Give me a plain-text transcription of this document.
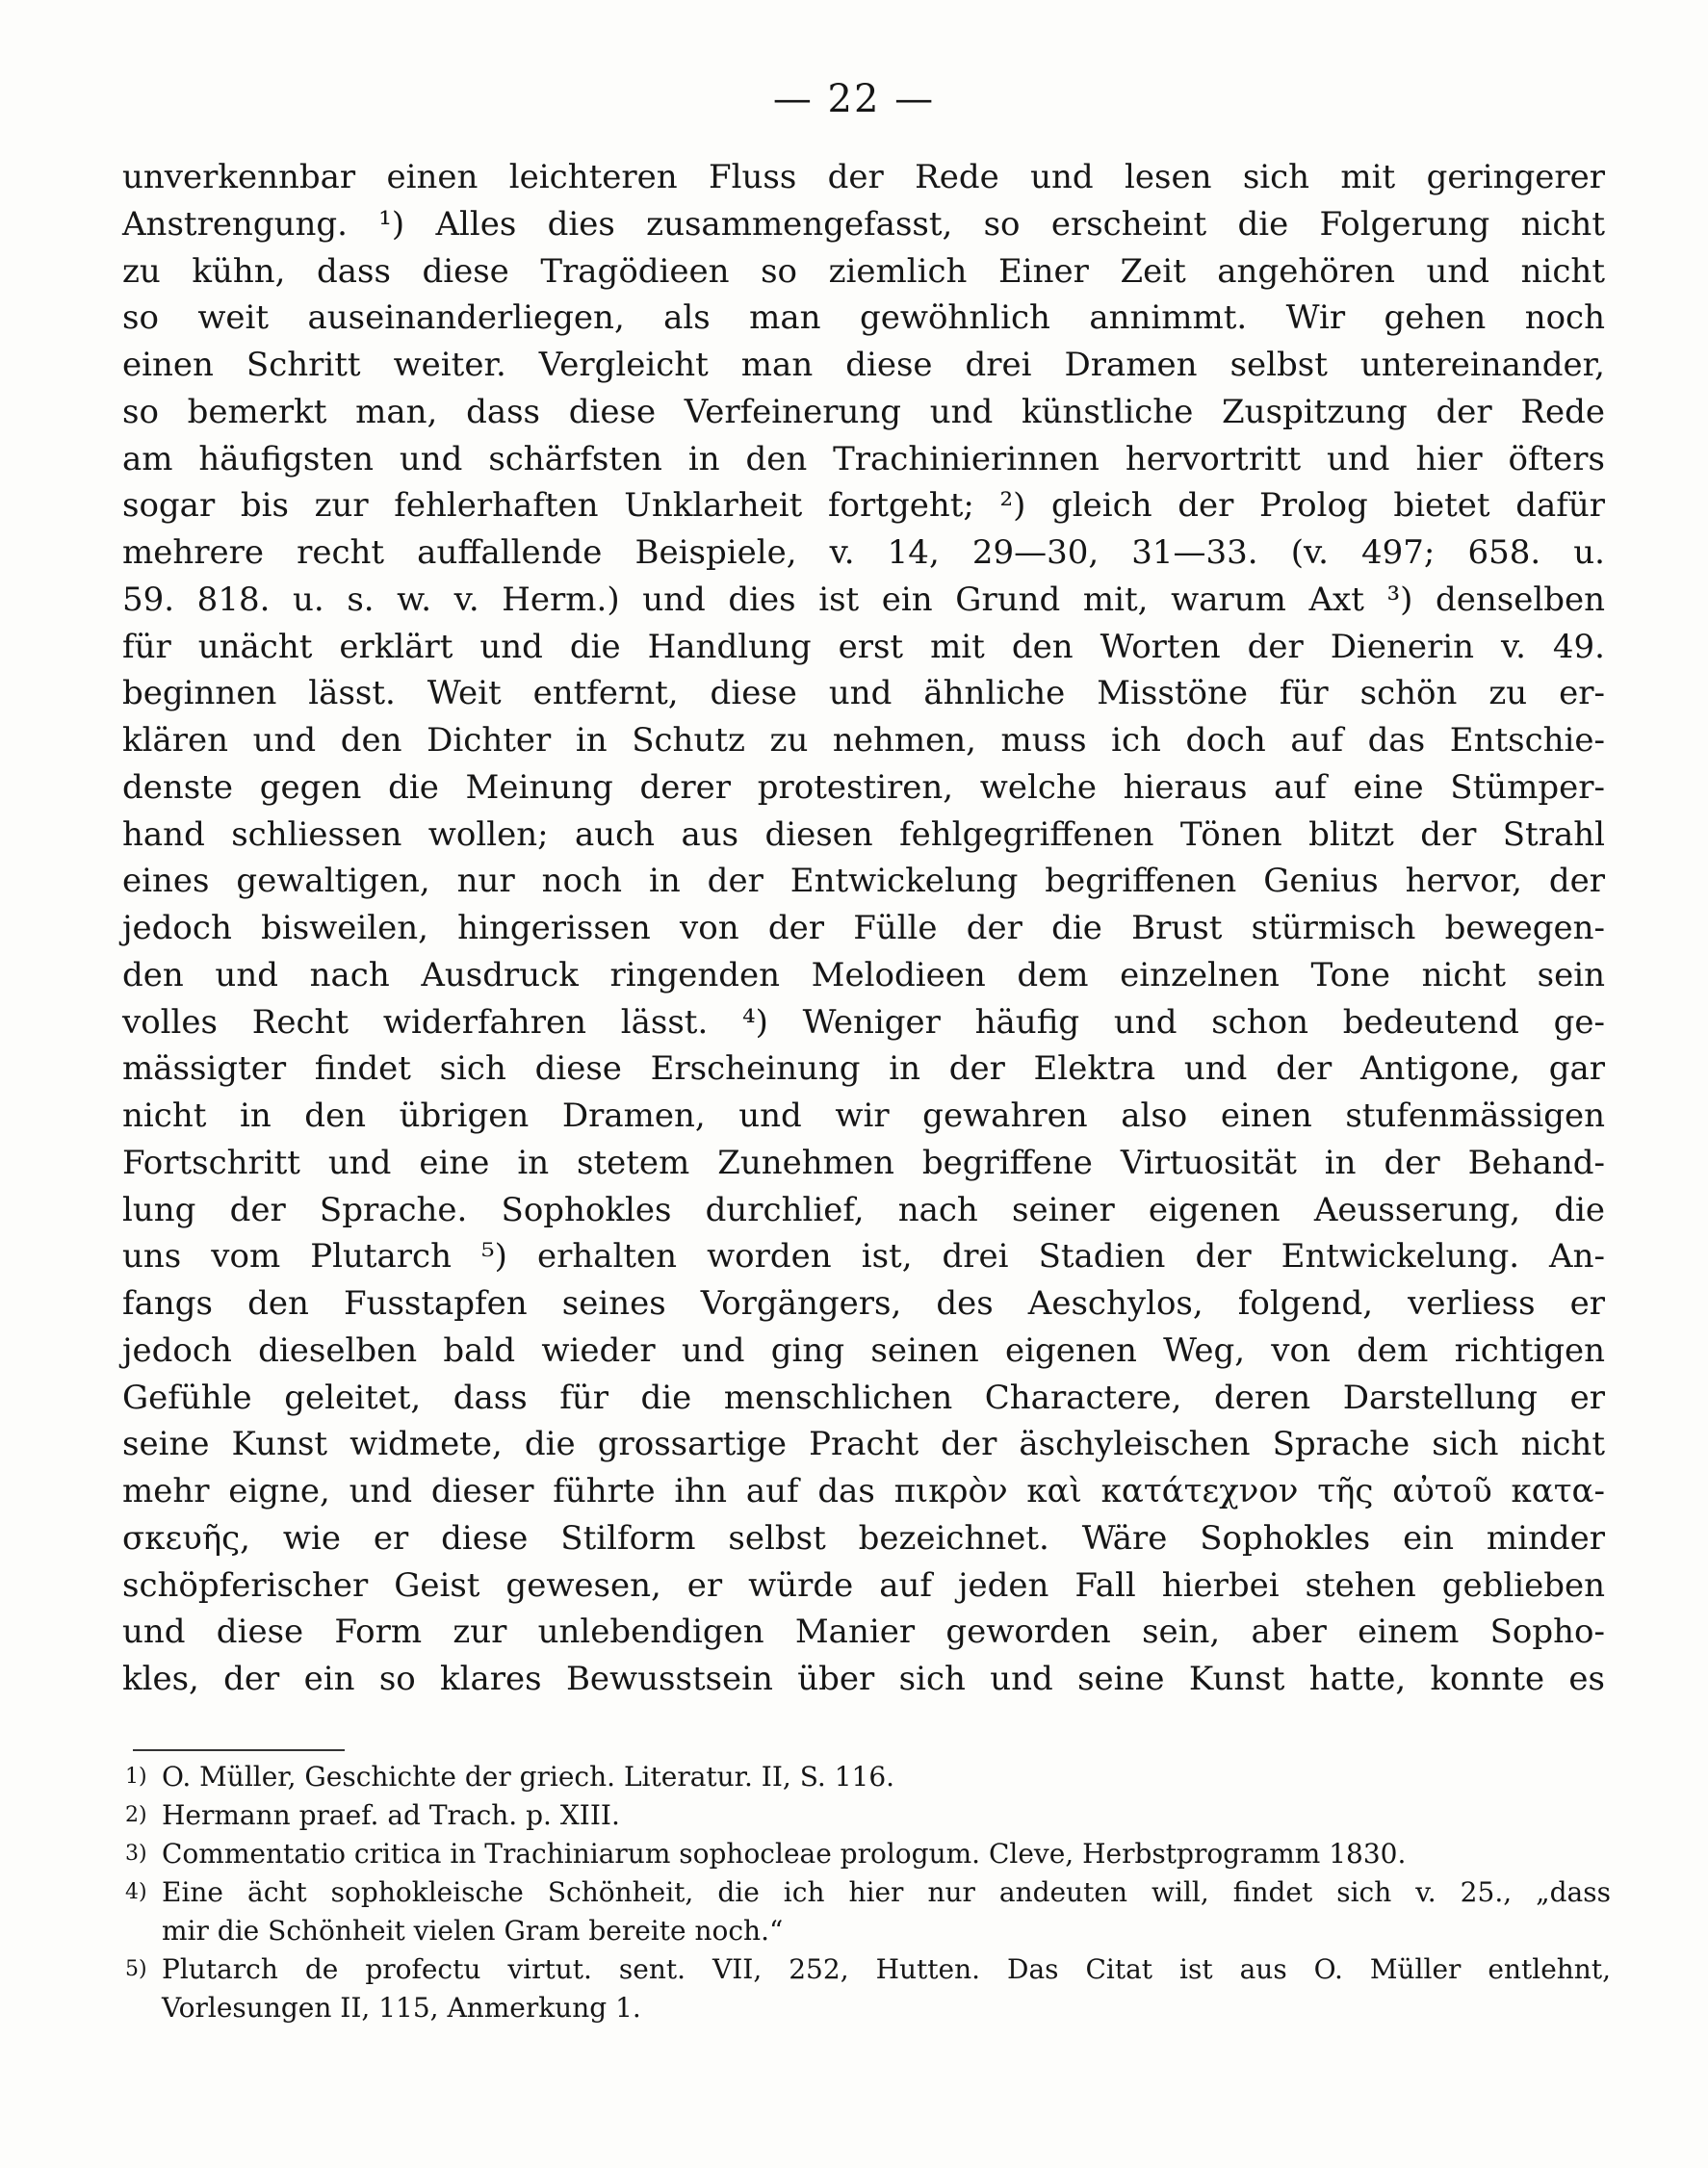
— 22 —
unverkennbar einen leichteren Fluss der Rede und lesen sich mit geringerer
Anstrengung. ¹) Alles dies zusammengefasst, so erscheint die Folgerung nicht
zu kühn, dass diese Tragödieen so ziemlich Einer Zeit angehören und nicht
so weit auseinanderliegen, als man gewöhnlich annimmt. Wir gehen noch
einen Schritt weiter. Vergleicht man diese drei Dramen selbst untereinander,
so bemerkt man, dass diese Verfeinerung und künstliche Zuspitzung der Rede
am häufigsten und schärfsten in den Trachinierinnen hervortritt und hier öfters
sogar bis zur fehlerhaften Unklarheit fortgeht; ²) gleich der Prolog bietet dafür
mehrere recht auffallende Beispiele, v. 14, 29—30, 31—33. (v. 497; 658. u.
59. 818. u. s. w. v. Herm.) und dies ist ein Grund mit, warum Axt ³) denselben
für unächt erklärt und die Handlung erst mit den Worten der Dienerin v. 49.
beginnen lässt. Weit entfernt, diese und ähnliche Misstöne für schön zu er-
klären und den Dichter in Schutz zu nehmen, muss ich doch auf das Entschie-
denste gegen die Meinung derer protestiren, welche hieraus auf eine Stümper-
hand schliessen wollen; auch aus diesen fehlgegriffenen Tönen blitzt der Strahl
eines gewaltigen, nur noch in der Entwickelung begriffenen Genius hervor, der
jedoch bisweilen, hingerissen von der Fülle der die Brust stürmisch bewegen-
den und nach Ausdruck ringenden Melodieen dem einzelnen Tone nicht sein
volles Recht widerfahren lässt. ⁴) Weniger häufig und schon bedeutend ge-
mässigter findet sich diese Erscheinung in der Elektra und der Antigone, gar
nicht in den übrigen Dramen, und wir gewahren also einen stufenmässigen
Fortschritt und eine in stetem Zunehmen begriffene Virtuosität in der Behand-
lung der Sprache. Sophokles durchlief, nach seiner eigenen Aeusserung, die
uns vom Plutarch ⁵) erhalten worden ist, drei Stadien der Entwickelung. An-
fangs den Fusstapfen seines Vorgängers, des Aeschylos, folgend, verliess er
jedoch dieselben bald wieder und ging seinen eigenen Weg, von dem richtigen
Gefühle geleitet, dass für die menschlichen Charactere, deren Darstellung er
seine Kunst widmete, die grossartige Pracht der äschyleischen Sprache sich nicht
mehr eigne, und dieser führte ihn auf das πικρὸν καὶ κατάτεχνον τῆς αὐτοῦ κατα-
σκευῆς, wie er diese Stilform selbst bezeichnet. Wäre Sophokles ein minder
schöpferischer Geist gewesen, er würde auf jeden Fall hierbei stehen geblieben
und diese Form zur unlebendigen Manier geworden sein, aber einem Sopho-
kles, der ein so klares Bewusstsein über sich und seine Kunst hatte, konnte es
1) O. Müller, Geschichte der griech. Literatur. II, S. 116.
2) Hermann praef. ad Trach. p. XIII.
3) Commentatio critica in Trachiniarum sophocleae prologum. Cleve, Herbstprogramm 1830.
4) Eine ächt sophokleische Schönheit, die ich hier nur andeuten will, findet sich v. 25., „dass
mir die Schönheit vielen Gram bereite noch.“
5) Plutarch de profectu virtut. sent. VII, 252, Hutten. Das Citat ist aus O. Müller entlehnt,
Vorlesungen II, 115, Anmerkung 1.
